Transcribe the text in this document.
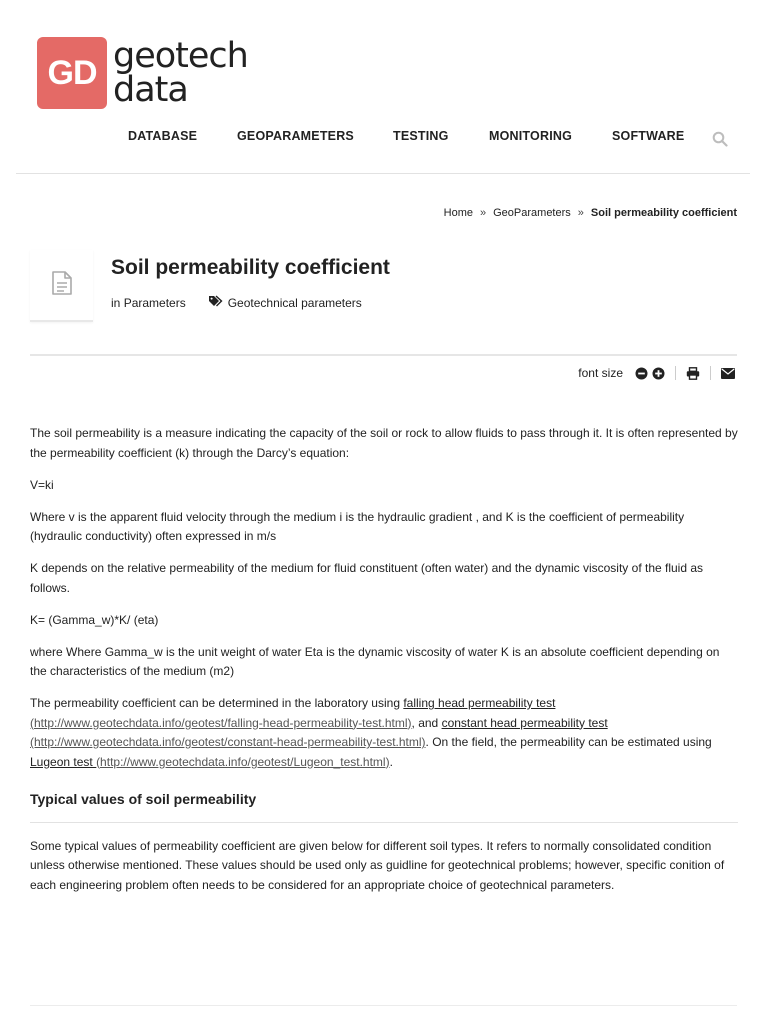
GD geotech
data
DATABASE	GEOPARAMETERS	TESTING	MONITORING	SOFTWARE
Home » GeoParameters » Soil permeability coefficient
Soil permeability coefficient
in
Parameters	Geotechnical parameters
font size

The soil permeability is a measure indicating the capacity of the soil or rock to allow fluids to pass through it. It is often represented by the permeability coefficient (k) through the Darcy’s equation:

V=ki

Where v is the apparent fluid velocity through the medium i is the hydraulic gradient , and K is the coefficient of permeability (hydraulic conductivity) often expressed in m/s

K depends on the relative permeability of the medium for fluid constituent (often water) and the dynamic viscosity of the fluid as follows.

K= (Gamma_w)*K/ (eta)

where Where Gamma_w is the unit weight of water Eta is the dynamic viscosity of water K is an absolute coefficient depending on the characteristics of the medium (m2)

The permeability coefficient can be determined in the laboratory using falling head permeability test
(http://www.geotechdata.info/geotest/falling-head-permeability-test.html), and constant head permeability test
(http://www.geotechdata.info/geotest/constant-head-permeability-test.html). On the field, the permeability can be estimated using
Lugeon test (http://www.geotechdata.info/geotest/Lugeon_test.html).

Typical values of soil permeability

Some typical values of permeability coefficient are given below for different soil types. It refers to normally consolidated condition unless otherwise mentioned. These values should be used only as guidline for geotechnical problems; however, specific conition of each engineering problem often needs to be considered for an appropriate choice of geotechnical parameters.
